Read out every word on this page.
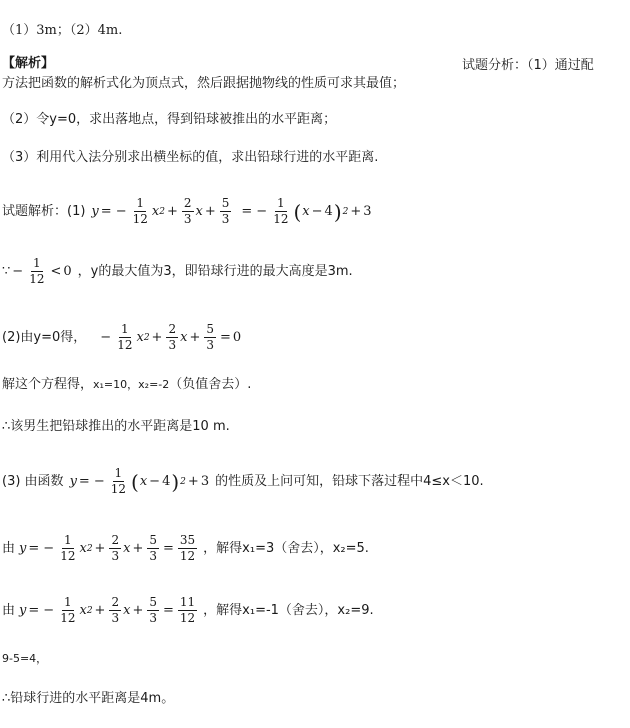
（1）3m；（2）4m.
【解析】	试题分析：（1）通过配
方法把函数的解析式化为顶点式，然后跟据抛物线的性质可求其最值；
（2）令y=0，求出落地点，得到铅球被推出的水平距离；
（3）利用代入法分别求出横坐标的值，求出铅球行进的水平距离.
试题解析：(1) y = − $\frac{1}{12}$ x $2 + \frac{2}{3}$ $x + \frac{5}{3}$ = − $\frac{1}{12}$ ( x − 4 ) 2 + 3
∵ − $\frac{1}{12} < 0$ ，y的最大值为3，即铅球行进的最大高度是3m.
(2)由y=0得， − $\frac{1}{12}$ x $2 + \frac{2}{3}$ $x + \frac{5}{3} = 0$
解这个方程得，x₁=10，x₂=-2（负值舍去）.
∴该男生把铅球推出的水平距离是10 m.
(3) 由函数 y = − $\frac{1}{12}$ ( x − 4 ) 2 + 3 的性质及上问可知，铅球下落过程中4≤x＜10.
由 y = − $\frac{1}{12}$ x $2 + \frac{2}{3}$ $x + \frac{5}{3} = \frac{35}{12}$ ，解得x₁=3（舍去），x₂=5.
由 y = − $\frac{1}{12}$ x $2 + \frac{2}{3}$ $x + \frac{5}{3} = \frac{11}{12}$ ，解得x₁=-1（舍去），x₂=9.
9-5=4，
∴铅球行进的水平距离是4m。
